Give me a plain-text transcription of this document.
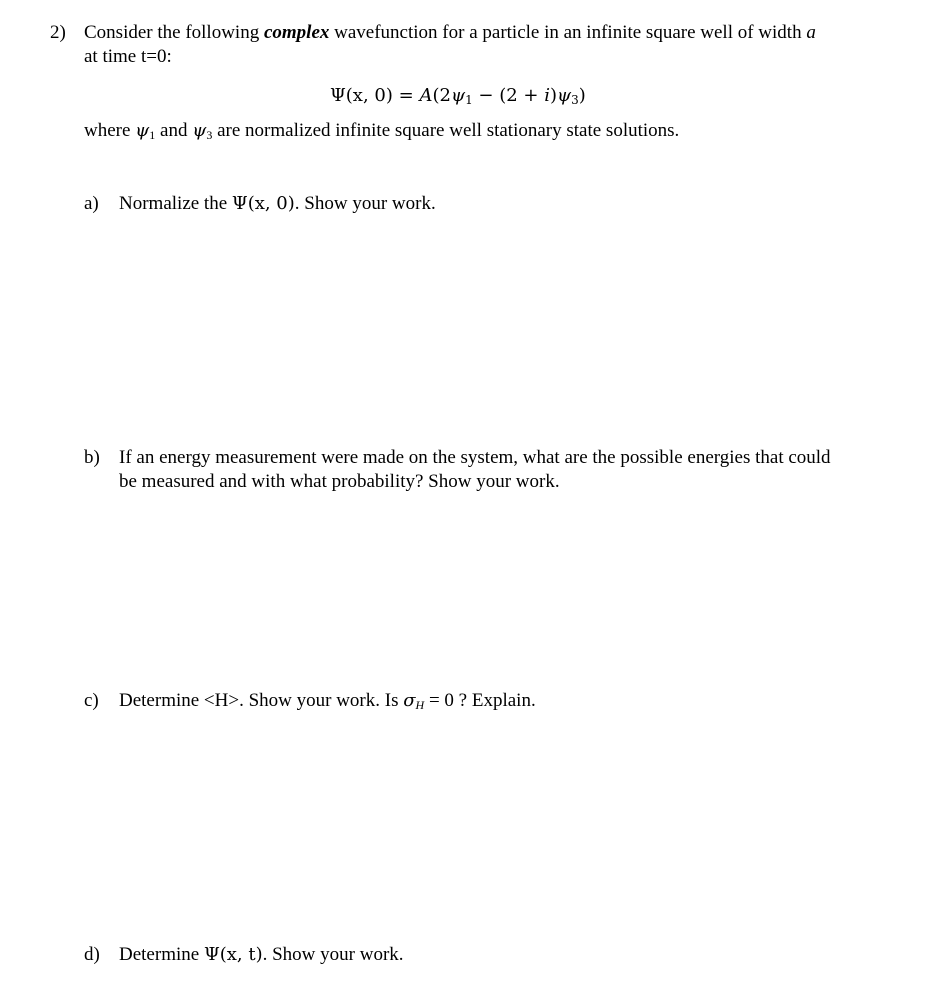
2) Consider the following complex wavefunction for a particle in an infinite square well of width a
at time t=0:
Ψ(x, $0) = A(2\psi_1 - (2 + i)\psi_3)$
where $\psi_1$ and $\psi_3$ are normalized infinite square well stationary state solutions.
a) Normalize the Ψ(x, 0). Show your work.
b) If an energy measurement were made on the system, what are the possible energies that could
be measured and with what probability? Show your work.
c) Determine <H>. Show your work. Is $\sigma_H = 0$ ? Explain.
d) Determine Ψ(x, t). Show your work.
